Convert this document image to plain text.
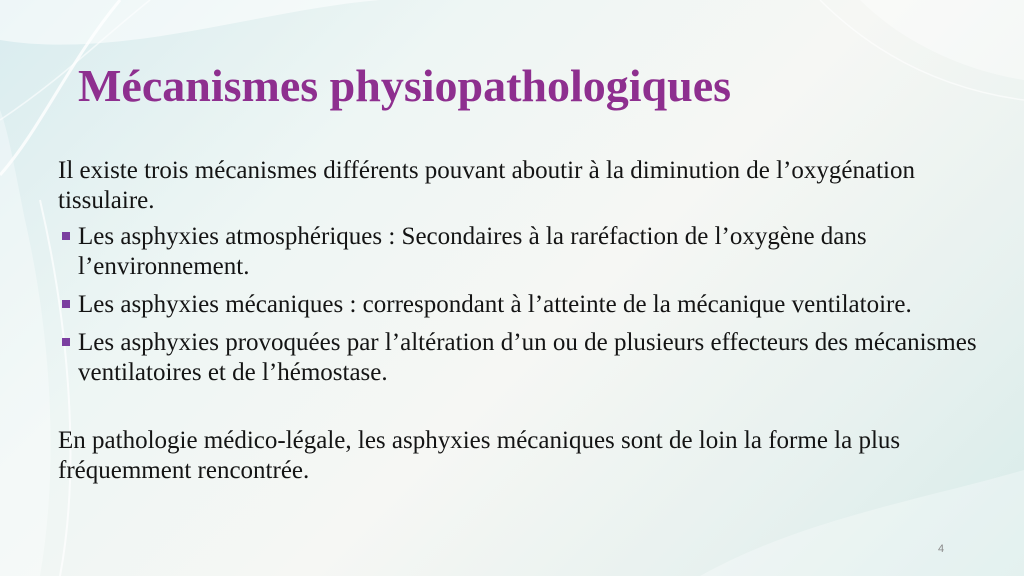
Mécanismes physiopathologiques

Il existe trois mécanismes différents pouvant aboutir à la diminution de l’oxygénation tissulaire.

Les asphyxies atmosphériques : Secondaires à la raréfaction de l’oxygène dans l’environnement.
Les asphyxies mécaniques : correspondant à l’atteinte de la mécanique ventilatoire.
Les asphyxies provoquées par l’altération d’un ou de plusieurs effecteurs des mécanismes ventilatoires et de l’hémostase.

En pathologie médico-légale, les asphyxies mécaniques sont de loin la forme la plus fréquemment rencontrée.

4
